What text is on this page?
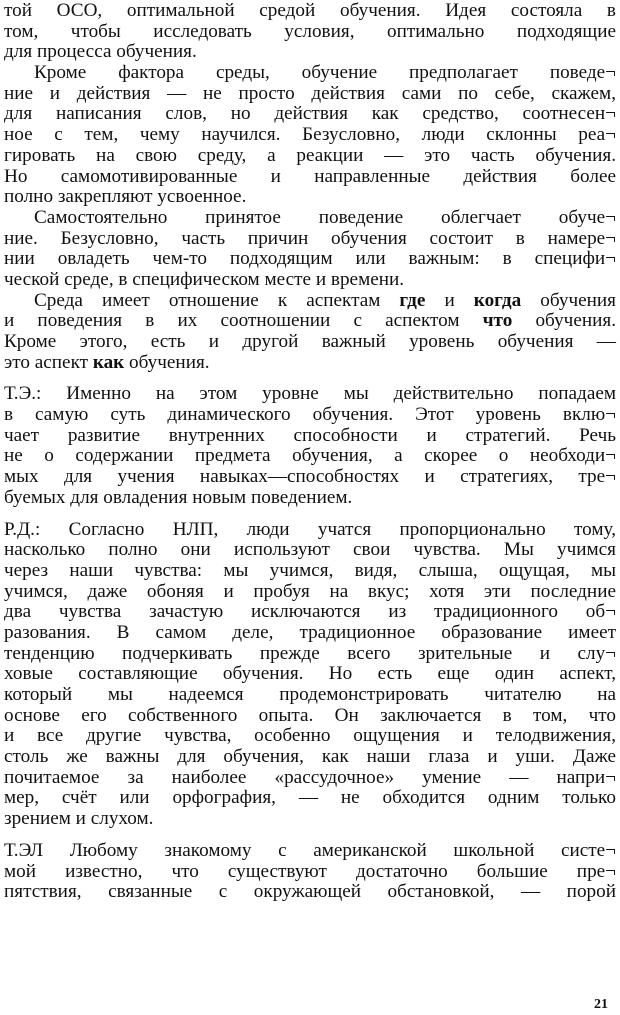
той ОСО, оптимальной средой обучения. Идея состояла в
том, чтобы исследовать условия, оптимально подходящие
для процесса обучения.
Кроме фактора среды, обучение предполагает поведе¬
ние и действия — не просто действия сами по себе, скажем,
для написания слов, но действия как средство, соотнесен¬
ное с тем, чему научился. Безусловно, люди склонны реа¬
гировать на свою среду, а реакции — это часть обучения.
Но самомотивированные и направленные действия более
полно закрепляют усвоенное.
Самостоятельно принятое поведение облегчает обуче¬
ние. Безусловно, часть причин обучения состоит в намере¬
нии овладеть чем-то подходящим или важным: в специфи¬
ческой среде, в специфическом месте и времени.
Среда имеет отношение к аспектам где и когда обучения
и поведения в их соотношении с аспектом что обучения.
Кроме этого, есть и другой важный уровень обучения —
это аспект как обучения.
Т.Э.: Именно на этом уровне мы действительно попадаем
в самую суть динамического обучения. Этот уровень вклю¬
чает развитие внутренних способности и стратегий. Речь
не о содержании предмета обучения, а скорее о необходи¬
мых для учения навыках—способностях и стратегиях, тре¬
буемых для овладения новым поведением.
Р.Д.: Согласно НЛП, люди учатся пропорционально тому,
насколько полно они используют свои чувства. Мы учимся
через наши чувства: мы учимся, видя, слыша, ощущая, мы
учимся, даже обоняя и пробуя на вкус; хотя эти последние
два чувства зачастую исключаются из традиционного об¬
разования. В самом деле, традиционное образование имеет
тенденцию подчеркивать прежде всего зрительные и слу¬
ховые составляющие обучения. Но есть еще один аспект,
который мы надеемся продемонстрировать читателю на
основе его собственного опыта. Он заключается в том, что
и все другие чувства, особенно ощущения и телодвижения,
столь же важны для обучения, как наши глаза и уши. Даже
почитаемое за наиболее «рассудочное» умение — напри¬
мер, счёт или орфография, — не обходится одним только
зрением и слухом.
Т.ЭЛ Любому знакомому с американской школьной систе¬
мой известно, что существуют достаточно большие пре¬
пятствия, связанные с окружающей обстановкой, — порой
21
